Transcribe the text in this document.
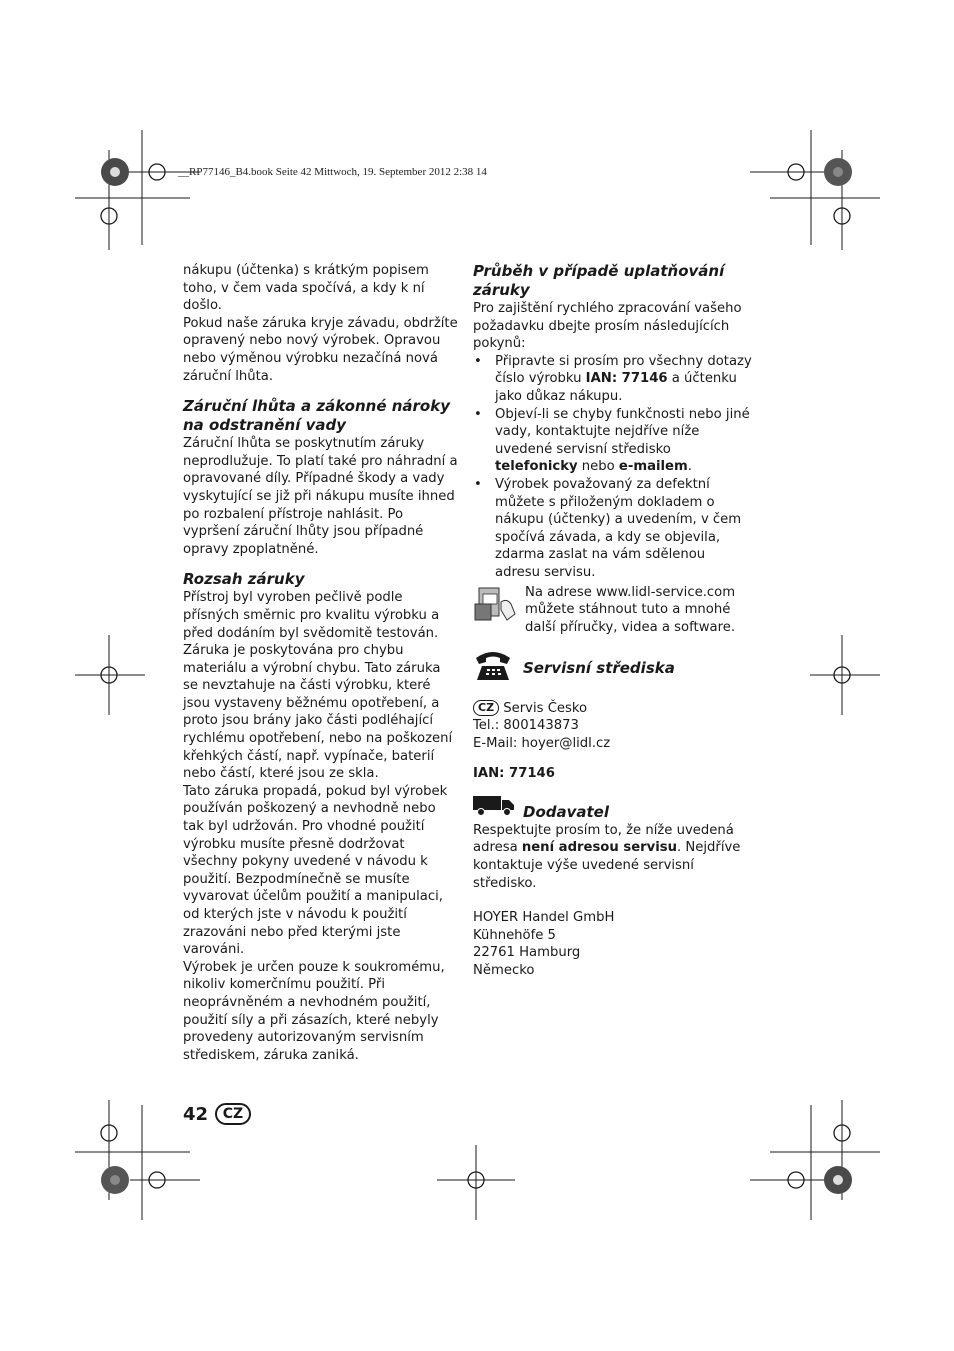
__RP77146_B4.book Seite 42 Mittwoch, 19. September 2012 2:38 14

nákupu (účtenka) s krátkým popisem toho, v čem vada spočívá, a kdy k ní došlo.

Pokud naše záruka kryje závadu, obdržíte opravený nebo nový výrobek. Opravou nebo výměnou výrobku nezačíná nová záruční lhůta.

Záruční lhůta a zákonné nároky na odstranění vady

Záruční lhůta se poskytnutím záruky neprodlužuje. To platí také pro náhradní a opravované díly. Případné škody a vady vyskytující se již při nákupu musíte ihned po rozbalení přístroje nahlásit. Po vypršení záruční lhůty jsou případné opravy zpoplatněné.

Rozsah záruky

Přístroj byl vyroben pečlivě podle přísných směrnic pro kvalitu výrobku a před dodáním byl svědomitě testován.

Záruka je poskytována pro chybu materiálu a výrobní chybu. Tato záruka se nevztahuje na části výrobku, které jsou vystaveny běžnému opotřebení, a proto jsou brány jako části podléhající rychlému opotřebení, nebo na poškození křehkých částí, např. vypínače, baterií nebo částí, které jsou ze skla.

Tato záruka propadá, pokud byl výrobek používán poškozený a nevhodně nebo tak byl udržován. Pro vhodné použití výrobku musíte přesně dodržovat všechny pokyny uvedené v návodu k použití. Bezpodmínečně se musíte vyvarovat účelům použití a manipulaci, od kterých jste v návodu k použití zrazováni nebo před kterými jste varováni.

Výrobek je určen pouze k soukromému, nikoliv komerčnímu použití. Při neoprávněném a nevhodném použití, použití síly a při zásazích, které nebyly provedeny autorizovaným servisním střediskem, záruka zaniká.

Průběh v případě uplatňování záruky

Pro zajištění rychlého zpracování vašeho požadavku dbejte prosím následujících pokynů:

• Připravte si prosím pro všechny dotazy číslo výrobku IAN: 77146 a účtenku jako důkaz nákupu.
• Objeví-li se chyby funkčnosti nebo jiné vady, kontaktujte nejdříve níže uvedené servisní středisko telefonicky nebo e-mailem.
• Výrobek považovaný za defektní můžete s přiloženým dokladem o nákupu (účtenky) a uvedením, v čem spočívá závada, a kdy se objevila, zdarma zaslat na vám sdělenou adresu servisu.
Na adrese www.lidl-service.com můžete stáhnout tuto a mnohé další příručky, videa a software.
Servisní střediska

CZ Servis Česko

Tel.: 800143873

E-Mail: hoyer@lidl.cz

IAN: 77146

Dodavatel

Respektujte prosím to, že níže uvedená adresa není adresou servisu. Nejdříve kontaktuje výše uvedené servisní středisko.

HOYER Handel GmbH

Kühnehöfe 5

22761 Hamburg

Německo

42	CZ
